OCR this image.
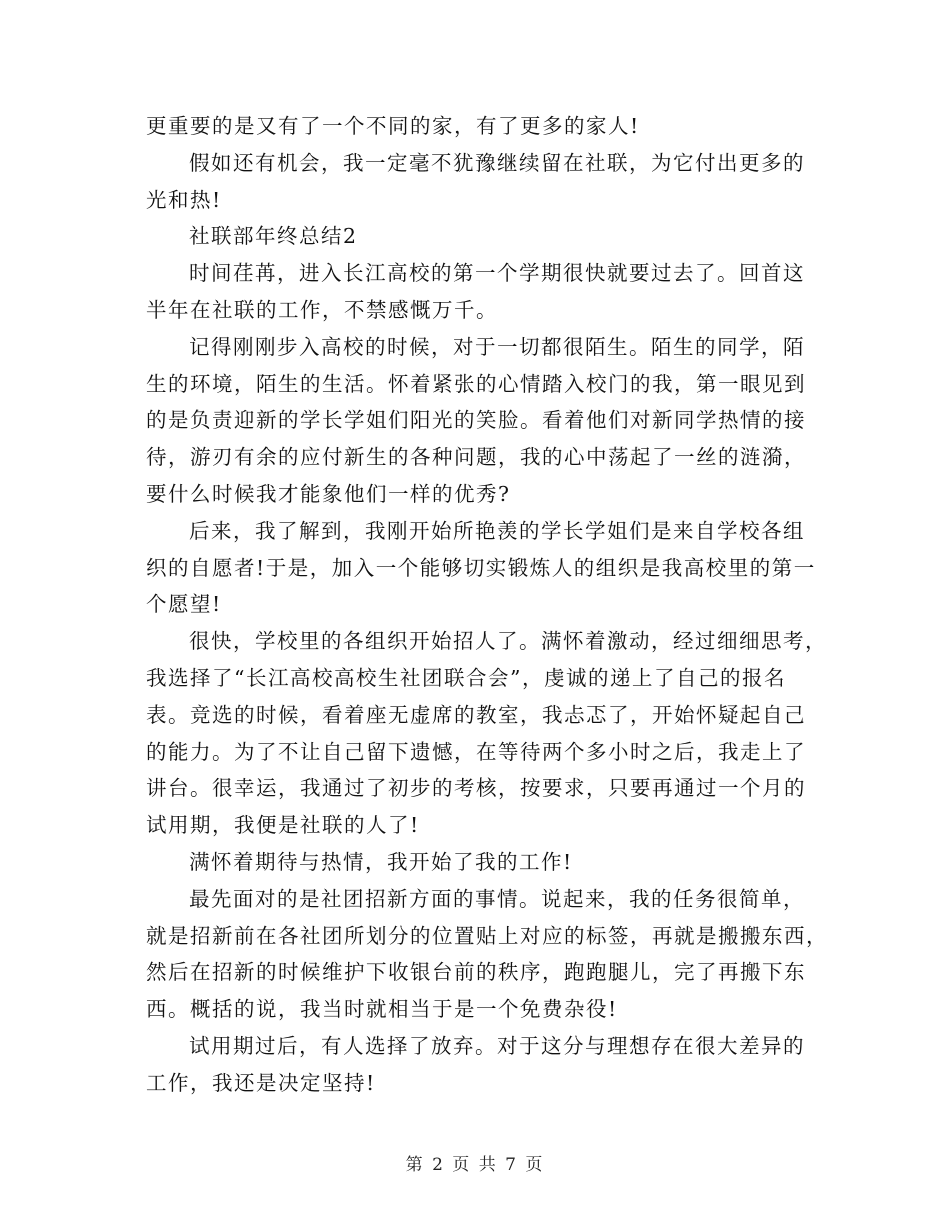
更重要的是又有了一个不同的家，有了更多的家人!
假如还有机会，我一定毫不犹豫继续留在社联，为它付出更多的
光和热!
社联部年终总结2
时间荏苒，进入长江高校的第一个学期很快就要过去了。回首这
半年在社联的工作，不禁感慨万千。
记得刚刚步入高校的时候，对于一切都很陌生。陌生的同学，陌
生的环境，陌生的生活。怀着紧张的心情踏入校门的我，第一眼见到
的是负责迎新的学长学姐们阳光的笑脸。看着他们对新同学热情的接
待，游刃有余的应付新生的各种问题，我的心中荡起了一丝的涟漪，
要什么时候我才能象他们一样的优秀?
后来，我了解到，我刚开始所艳羡的学长学姐们是来自学校各组
织的自愿者!于是，加入一个能够切实锻炼人的组织是我高校里的第一
个愿望!
很快，学校里的各组织开始招人了。满怀着激动，经过细细思考，
我选择了“长江高校高校生社团联合会”，虔诚的递上了自己的报名
表。竞选的时候，看着座无虚席的教室，我忐忑了，开始怀疑起自己
的能力。为了不让自己留下遗憾，在等待两个多小时之后，我走上了
讲台。很幸运，我通过了初步的考核，按要求，只要再通过一个月的
试用期，我便是社联的人了!
满怀着期待与热情，我开始了我的工作!
最先面对的是社团招新方面的事情。说起来，我的任务很简单，
就是招新前在各社团所划分的位置贴上对应的标签，再就是搬搬东西，
然后在招新的时候维护下收银台前的秩序，跑跑腿儿，完了再搬下东
西。概括的说，我当时就相当于是一个免费杂役!
试用期过后，有人选择了放弃。对于这分与理想存在很大差异的
工作，我还是决定坚持!
第 2 页 共 7 页
